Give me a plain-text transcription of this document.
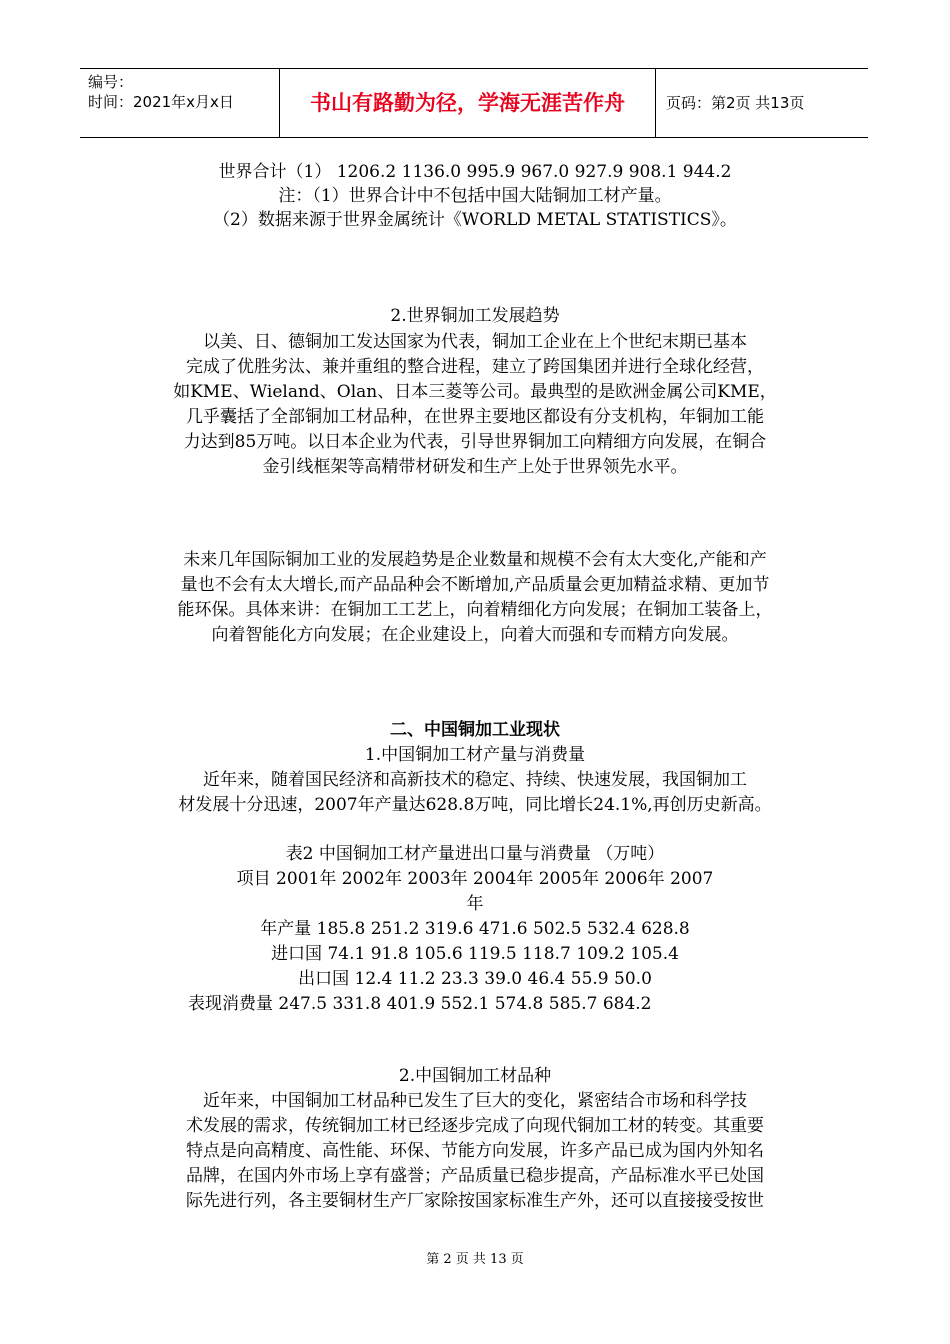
编号：
时间：2021年x月x日	书山有路勤为径，学海无涯苦作舟	页码：第2页 共13页
世界合计（1） 1206.2 1136.0 995.9 967.0 927.9 908.1 944.2
注：（1）世界合计中不包括中国大陆铜加工材产量。
（2）数据来源于世界金属统计《WORLD METAL STATISTICS》。
2.世界铜加工发展趋势
以美、日、德铜加工发达国家为代表，铜加工企业在上个世纪末期已基本
完成了优胜劣汰、兼并重组的整合进程，建立了跨国集团并进行全球化经营，
如KME、Wieland、Olan、日本三菱等公司。最典型的是欧洲金属公司KME，
几乎囊括了全部铜加工材品种，在世界主要地区都设有分支机构，年铜加工能
力达到85万吨。以日本企业为代表，引导世界铜加工向精细方向发展，在铜合
金引线框架等高精带材研发和生产上处于世界领先水平。
未来几年国际铜加工业的发展趋势是企业数量和规模不会有太大变化,产能和产
量也不会有太大增长,而产品品种会不断增加,产品质量会更加精益求精、更加节
能环保。具体来讲：在铜加工工艺上，向着精细化方向发展；在铜加工装备上，
向着智能化方向发展；在企业建设上，向着大而强和专而精方向发展。
二、中国铜加工业现状
1.中国铜加工材产量与消费量
近年来，随着国民经济和高新技术的稳定、持续、快速发展，我国铜加工
材发展十分迅速，2007年产量达628.8万吨，同比增长24.1%,再创历史新高。
表2 中国铜加工材产量进出口量与消费量 （万吨）
项目 2001年 2002年 2003年 2004年 2005年 2006年 2007
年
年产量 185.8 251.2 319.6 471.6 502.5 532.4 628.8
进口国 74.1 91.8 105.6 119.5 118.7 109.2 105.4
出口国 12.4 11.2 23.3 39.0 46.4 55.9 50.0
表现消费量 247.5 331.8 401.9 552.1 574.8 585.7 684.2
2.中国铜加工材品种
近年来，中国铜加工材品种已发生了巨大的变化，紧密结合市场和科学技
术发展的需求，传统铜加工材已经逐步完成了向现代铜加工材的转变。其重要
特点是向高精度、高性能、环保、节能方向发展，许多产品已成为国内外知名
品牌，在国内外市场上享有盛誉；产品质量已稳步提高，产品标准水平已处国
际先进行列，各主要铜材生产厂家除按国家标准生产外，还可以直接接受按世
第 2 页 共 13 页
